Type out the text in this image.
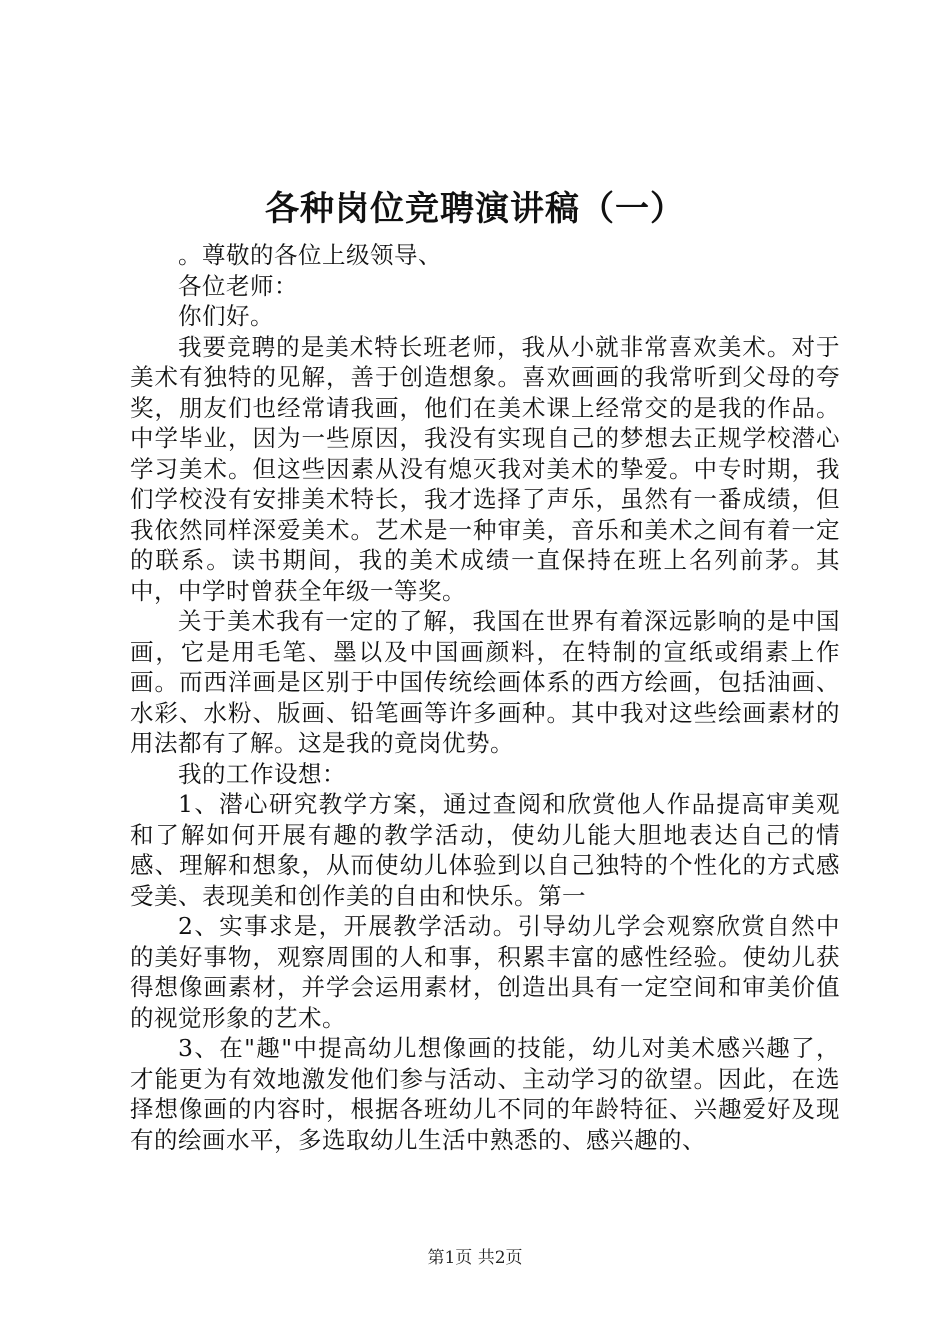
各种岗位竞聘演讲稿（一）

。尊敬的各位上级领导、

各位老师：

你们好。

我要竞聘的是美术特长班老师，我从小就非常喜欢美术。对于美术有独特的见解，善于创造想象。喜欢画画的我常听到父母的夸奖，朋友们也经常请我画，他们在美术课上经常交的是我的作品。中学毕业，因为一些原因，我没有实现自己的梦想去正规学校潜心学习美术。但这些因素从没有熄灭我对美术的挚爱。中专时期，我们学校没有安排美术特长，我才选择了声乐，虽然有一番成绩，但我依然同样深爱美术。艺术是一种审美，音乐和美术之间有着一定的联系。读书期间，我的美术成绩一直保持在班上名列前茅。其中，中学时曾获全年级一等奖。

关于美术我有一定的了解，我国在世界有着深远影响的是中国画，它是用毛笔、墨以及中国画颜料，在特制的宣纸或绢素上作画。而西洋画是区别于中国传统绘画体系的西方绘画，包括油画、水彩、水粉、版画、铅笔画等许多画种。其中我对这些绘画素材的用法都有了解。这是我的竟岗优势。

我的工作设想：

1、潜心研究教学方案，通过查阅和欣赏他人作品提高审美观和了解如何开展有趣的教学活动，使幼儿能大胆地表达自己的情感、理解和想象，从而使幼儿体验到以自己独特的个性化的方式感受美、表现美和创作美的自由和快乐。第一

2、实事求是，开展教学活动。引导幼儿学会观察欣赏自然中的美好事物，观察周围的人和事，积累丰富的感性经验。使幼儿获得想像画素材，并学会运用素材，创造出具有一定空间和审美价值的视觉形象的艺术。

3、在"趣"中提高幼儿想像画的技能，幼儿对美术感兴趣了，才能更为有效地激发他们参与活动、主动学习的欲望。因此，在选择想像画的内容时，根据各班幼儿不同的年龄特征、兴趣爱好及现有的绘画水平，多选取幼儿生活中熟悉的、感兴趣的、

第1页 共2页
